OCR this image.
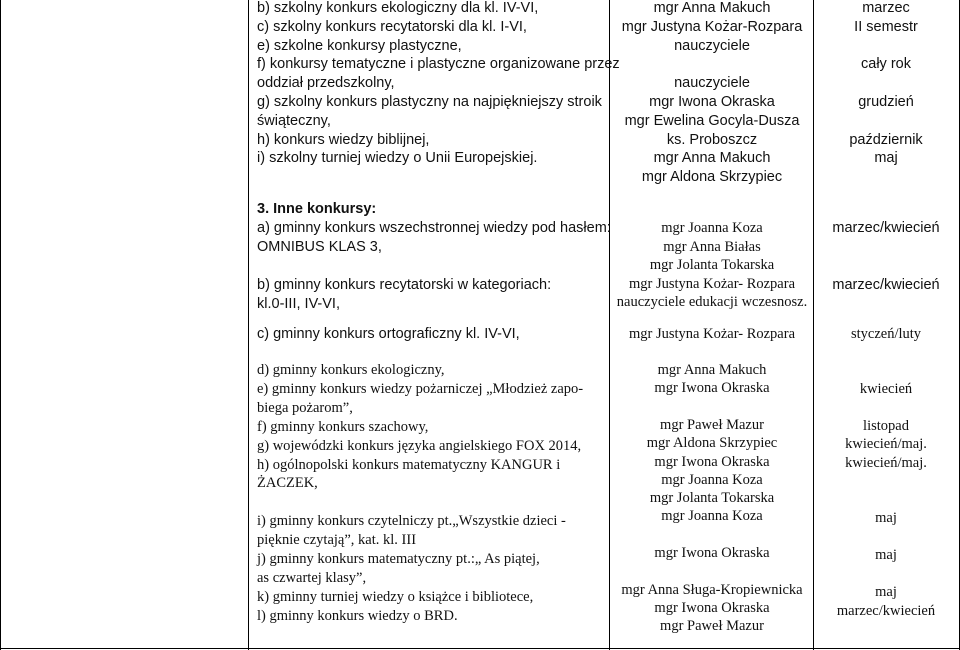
b) szkolny konkurs ekologiczny dla kl. IV-VI,
c) szkolny konkurs recytatorski dla kl. I-VI,
e) szkolne konkursy plastyczne,
f) konkursy tematyczne i plastyczne organizowane przez
oddział przedszkolny,
g) szkolny konkurs plastyczny na najpiękniejszy stroik
świąteczny,
h) konkurs wiedzy biblijnej,
i) szkolny turniej wiedzy o Unii Europejskiej.
mgr Anna Makuch
mgr Justyna Kożar-Rozpara
nauczyciele
nauczyciele
mgr Iwona Okraska
mgr Ewelina Gocyla-Dusza
ks. Proboszcz
mgr Anna Makuch
mgr Aldona Skrzypiec
marzec
II semestr
cały rok
grudzień
październik
maj
3. Inne konkursy:
a) gminny konkurs wszechstronnej wiedzy pod hasłem:
OMNIBUS KLAS 3,
b) gminny konkurs recytatorski w kategoriach:
kl.0-III, IV-VI,
c) gminny konkurs ortograficzny kl. IV-VI,
d) gminny konkurs ekologiczny,
e) gminny konkurs wiedzy pożarniczej „Młodzież zapo-
biega pożarom”,
f) gminny konkurs szachowy,
g) wojewódzki konkurs języka angielskiego FOX 2014,
h) ogólnopolski konkurs matematyczny KANGUR i
ŻACZEK,
i) gminny konkurs czytelniczy pt.„Wszystkie dzieci -
pięknie czytają”, kat. kl. III
j) gminny konkurs matematyczny pt.:„ As piątej,
as czwartej klasy”,
k) gminny turniej wiedzy o książce i bibliotece,
l) gminny konkurs wiedzy o BRD.
mgr Joanna Koza
mgr Anna Białas
mgr Jolanta Tokarska
mgr Justyna Kożar- Rozpara
nauczyciele edukacji wczesnosz.
mgr Justyna Kożar- Rozpara
mgr Anna Makuch
mgr Iwona Okraska
mgr Paweł Mazur
mgr Aldona Skrzypiec
mgr Iwona Okraska
mgr Joanna Koza
mgr Jolanta Tokarska
mgr Joanna Koza
mgr Iwona Okraska
mgr Anna Sługa-Kropiewnicka
mgr Iwona Okraska
mgr Paweł Mazur
marzec/kwiecień
marzec/kwiecień
styczeń/luty
kwiecień
listopad
kwiecień/maj.
kwiecień/maj.
maj
maj
maj
marzec/kwiecień
